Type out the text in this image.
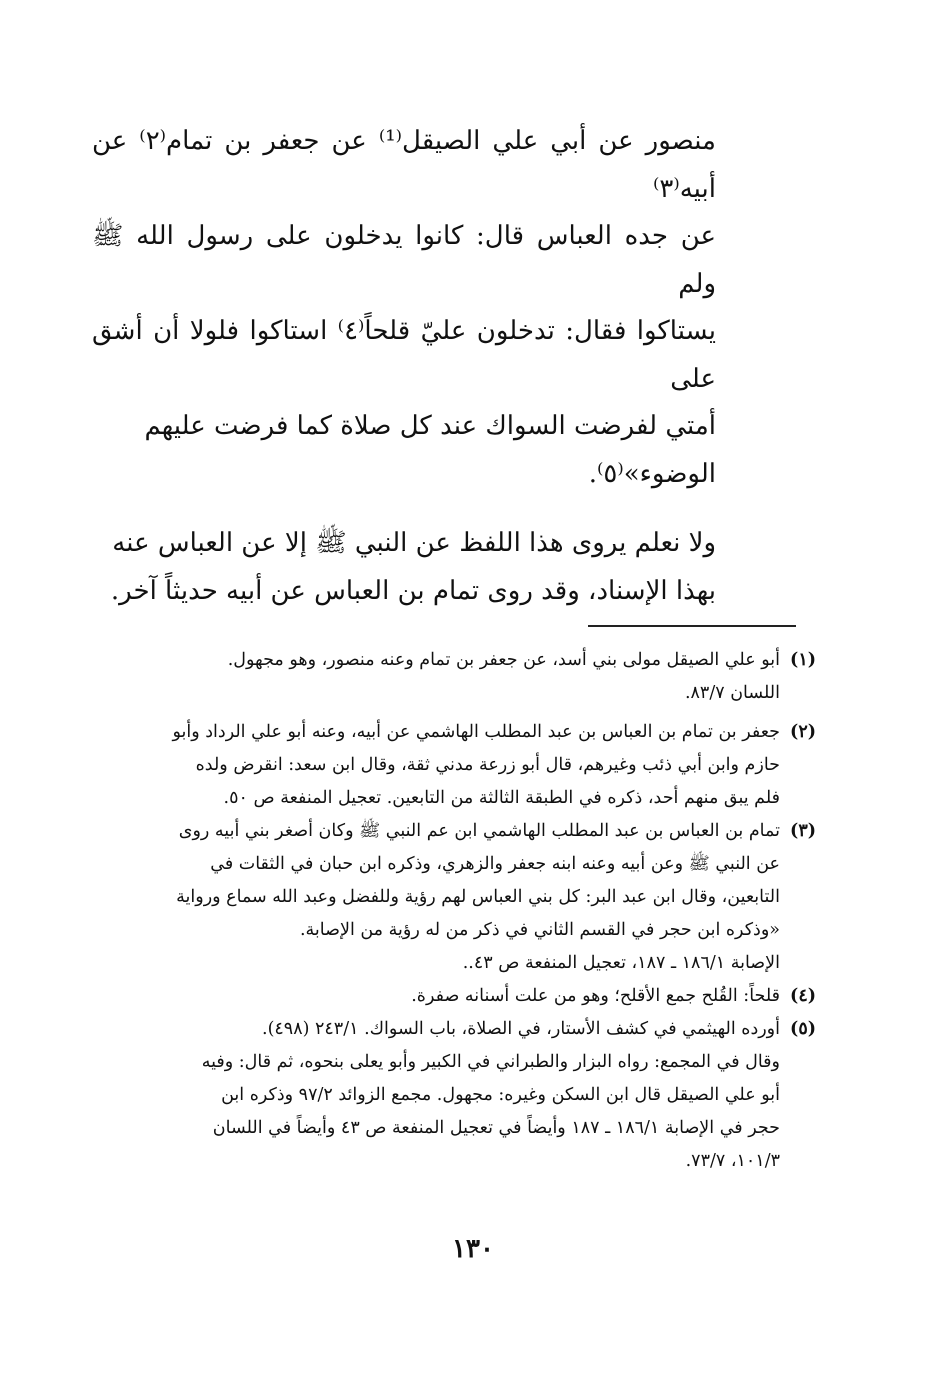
منصور عن أبي علي الصيقل⁽¹⁾ عن جعفر بن تمام⁽٢⁾ عن أبيه⁽٣⁾
عن جده العباس قال: كانوا يدخلون على رسول الله ﷺ ولم
يستاكوا فقال: تدخلون عليّ قلحاً⁽٤⁾ استاكوا فلولا أن أشق على
أمتي لفرضت السواك عند كل صلاة كما فرضت عليهم
الوضوء»⁽٥⁾.

ولا نعلم يروى هذا اللفظ عن النبي ﷺ إلا عن العباس عنه
بهذا الإسناد، وقد روى تمام بن العباس عن أبيه حديثاً آخر.

(١)
أبو علي الصيقل مولى بني أسد، عن جعفر بن تمام وعنه منصور، وهو مجهول.
اللسان ٨٣/٧.
(٢)
جعفر بن تمام بن العباس بن عبد المطلب الهاشمي عن أبيه، وعنه أبو علي الرداد وأبو
حازم وابن أبي ذئب وغيرهم، قال أبو زرعة مدني ثقة، وقال ابن سعد: انقرض ولده
فلم يبق منهم أحد، ذكره في الطبقة الثالثة من التابعين. تعجيل المنفعة ص ٥٠.
(٣)
تمام بن العباس بن عبد المطلب الهاشمي ابن عم النبي ﷺ وكان أصغر بني أبيه روى
عن النبي ﷺ وعن أبيه وعنه ابنه جعفر والزهري، وذكره ابن حبان في الثقات في
التابعين، وقال ابن عبد البر: كل بني العباس لهم رؤية وللفضل وعبد الله سماع ورواية
«وذكره ابن حجر في القسم الثاني في ذكر من له رؤية من الإصابة.
الإصابة ١٨٦/١ ـ ١٨٧، تعجيل المنفعة ص ٤٣..
(٤)
قلحاً: القُلح جمع الأقلح؛ وهو من علت أسنانه صفرة.
(٥)
أورده الهيثمي في كشف الأستار، في الصلاة، باب السواك. ٢٤٣/١ (٤٩٨).
وقال في المجمع: رواه البزار والطبراني في الكبير وأبو يعلى بنحوه، ثم قال: وفيه
أبو علي الصيقل قال ابن السكن وغيره: مجهول. مجمع الزوائد ٩٧/٢ وذكره ابن
حجر في الإصابة ١٨٦/١ ـ ١٨٧ وأيضاً في تعجيل المنفعة ص ٤٣ وأيضاً في اللسان
١٠١/٣، ٧٣/٧.
١٣٠
